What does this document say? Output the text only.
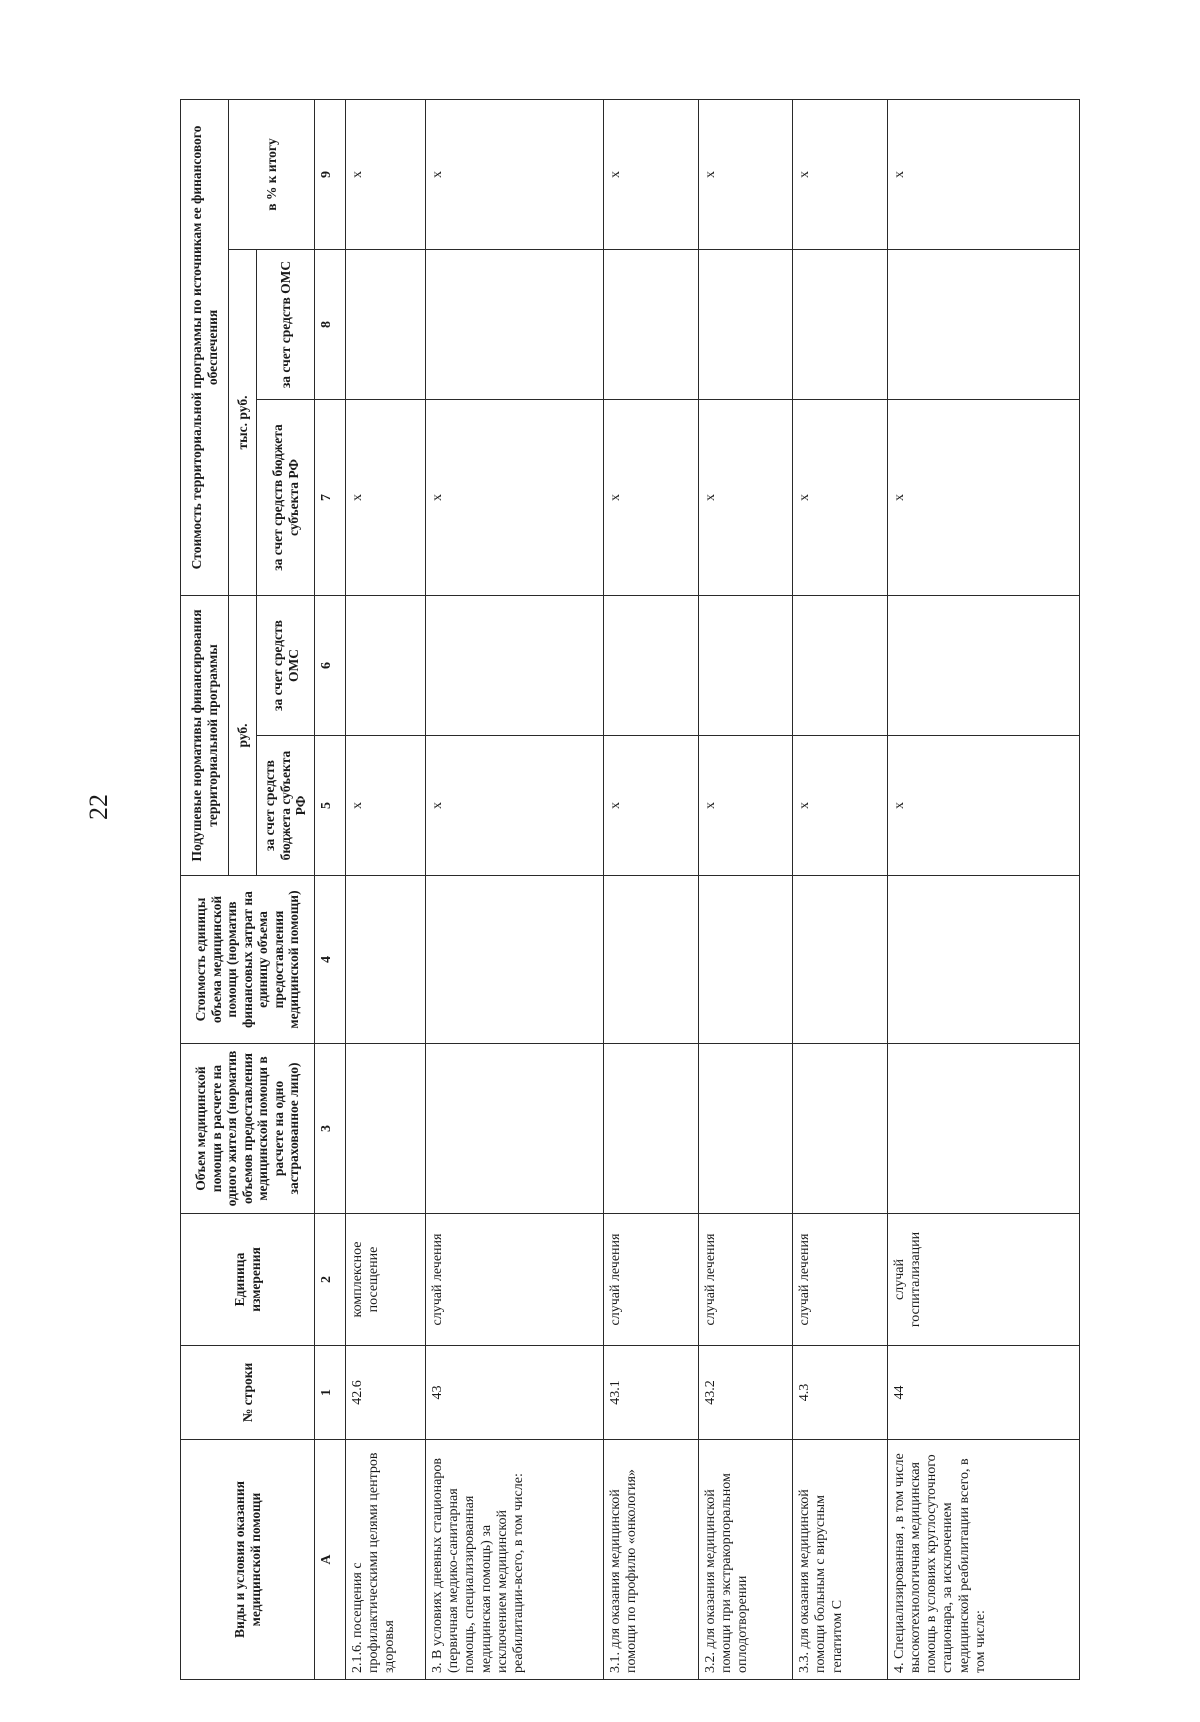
22
Виды и условия оказания медицинской помощи	№ строки	Единица измерения	Объем медицинской помощи в расчете на одного жителя (норматив объемов предоставления медицинской помощи в расчете на одно застрахованное лицо)	Стоимость единицы объема медицинской помощи (норматив финансовых затрат на единицу объема предоставления медицинской помощи)	Подушевые нормативы финансирования территориальной программы		Стоимость территориальной программы по источникам ее финансового обеспечения		
					руб.		тыс. руб.		в % к итогу
					за счет средств бюджета субъекта РФ	за счет средств ОМС	за счет средств бюджета субъекта РФ	за счет средств ОМС	
А	1	2	3	4	5	6	7	8	9
2.1.6. посещения с профилактическими целями центров здоровья	42.6	комплексное посещение			х		х		х
3. В условиях дневных стационаров (первичная медико-санитарная помощь, специализированная медицинская помощь) за исключением медицинской реабилитации-всего, в том числе:	43	случай лечения			х		х		х
3.1. для оказания медицинской помощи по профилю «онкология»	43.1	случай лечения			х		х		х
3.2. для оказания медицинской помощи при экстракорпоральном оплодотворении	43.2	случай лечения			х		х		х
3.3. для оказания медицинской помощи больным с вирусным гепатитом С	4.3	случай лечения			х		х		х
4. Специализированная , в том числе высокотехнологичная медицинская помощь в условиях круглосуточного стационара, за исключением медицинской реабилитации всего, в том числе:	44	случай госпитализации			х		х		х
